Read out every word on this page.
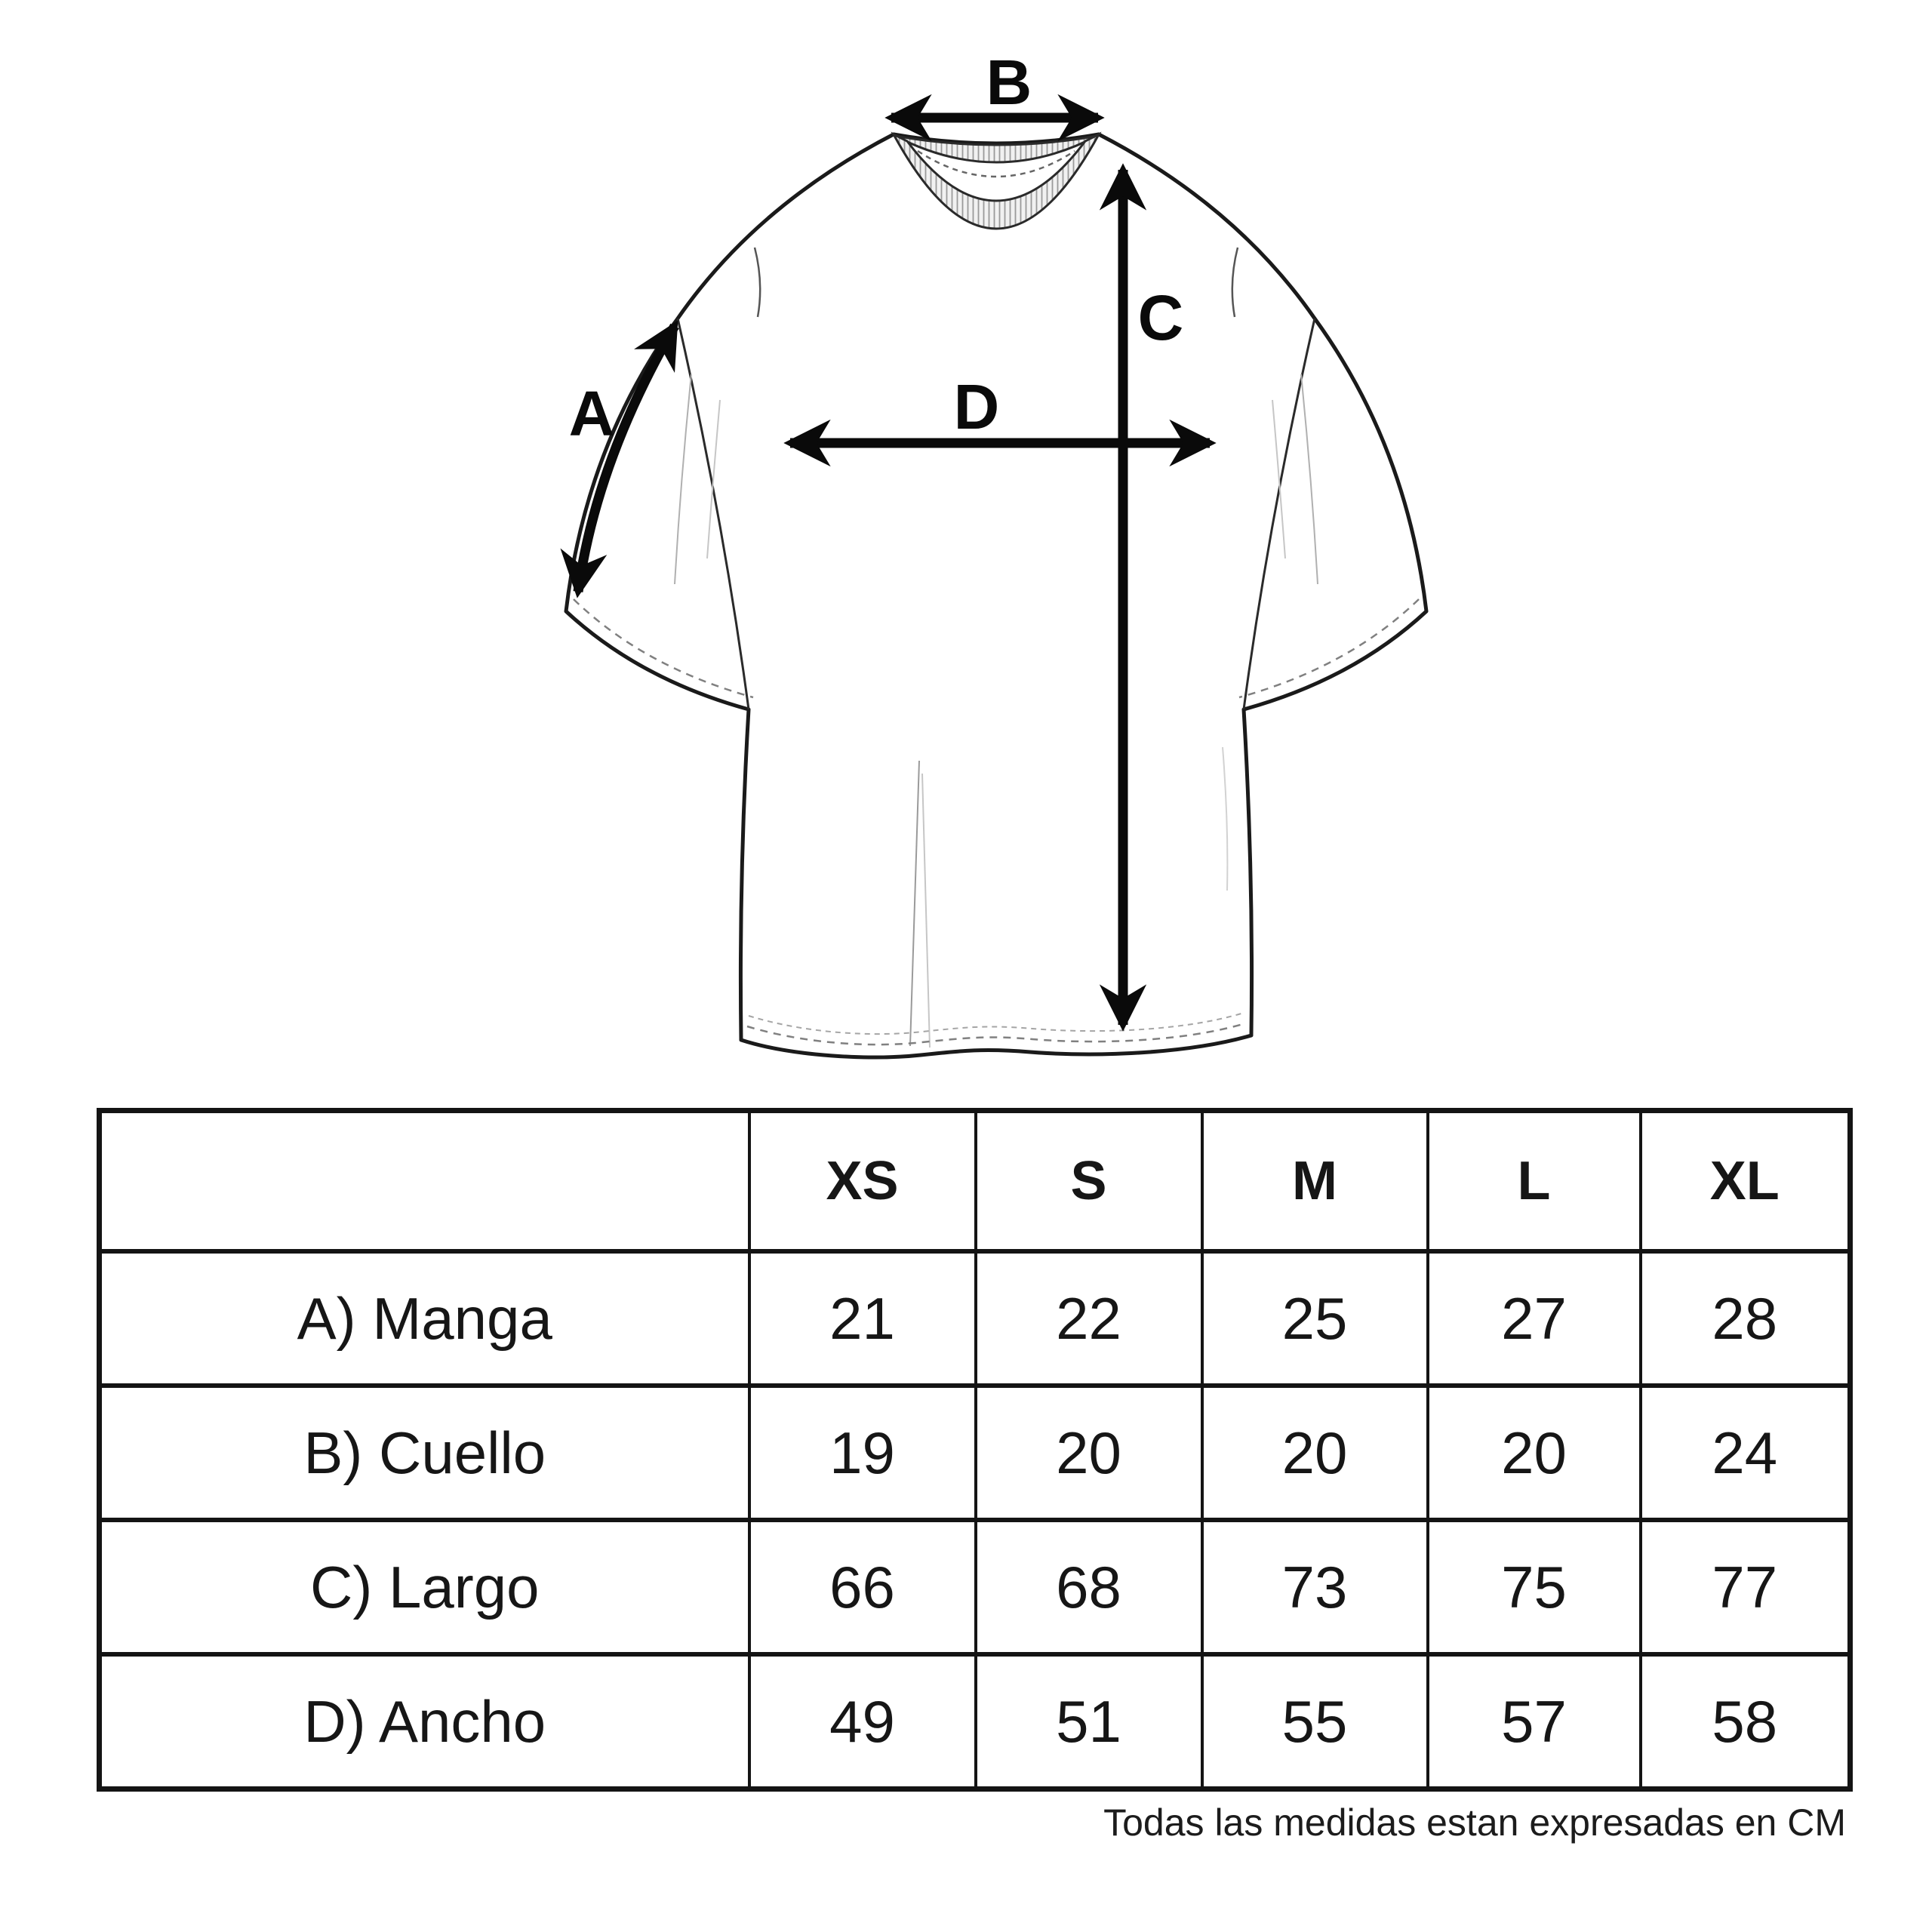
B
C
D
A
	XS	S	M	L	XL
A) Manga	21	22	25	27	28
B) Cuello	19	20	20	20	24
C) Largo	66	68	73	75	77
D) Ancho	49	51	55	57	58
Todas las medidas estan expresadas en CM
